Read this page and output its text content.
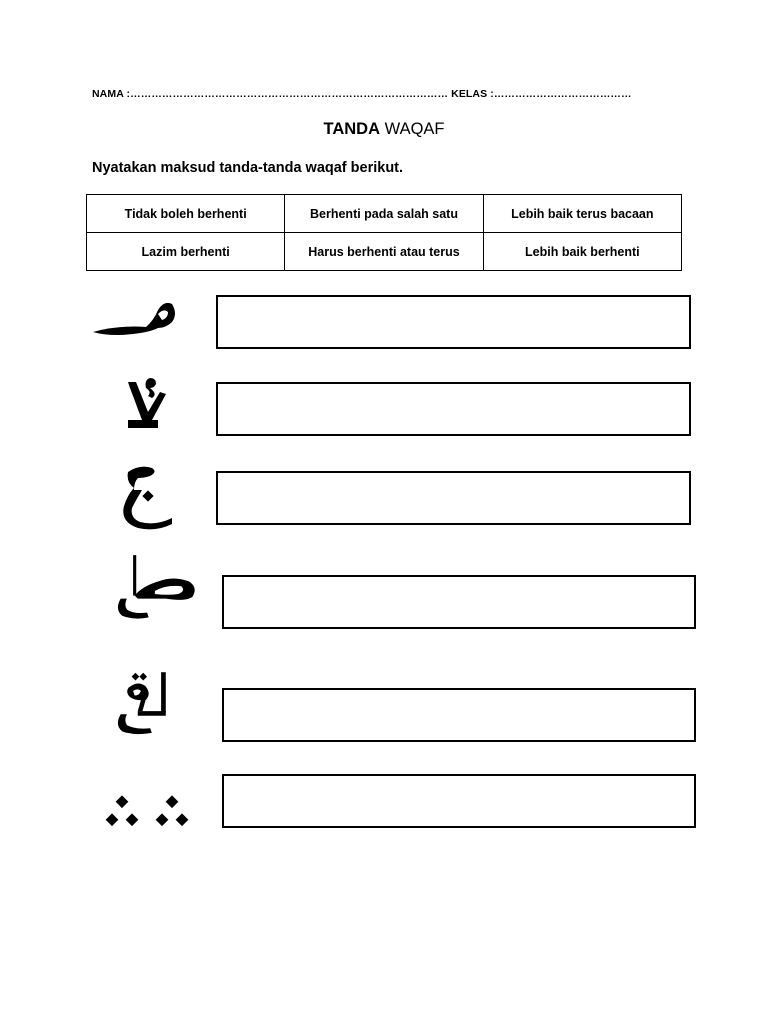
NAMA :……………………………………………………………………………… KELAS :…………………………………
TANDA WAQAF
Nyatakan maksud tanda-tanda waqaf berikut.
Tidak boleh berhenti	Berhenti pada salah satu	Lebih baik terus bacaan
Lazim berhenti	Harus berhenti atau terus	Lebih baik berhenti
